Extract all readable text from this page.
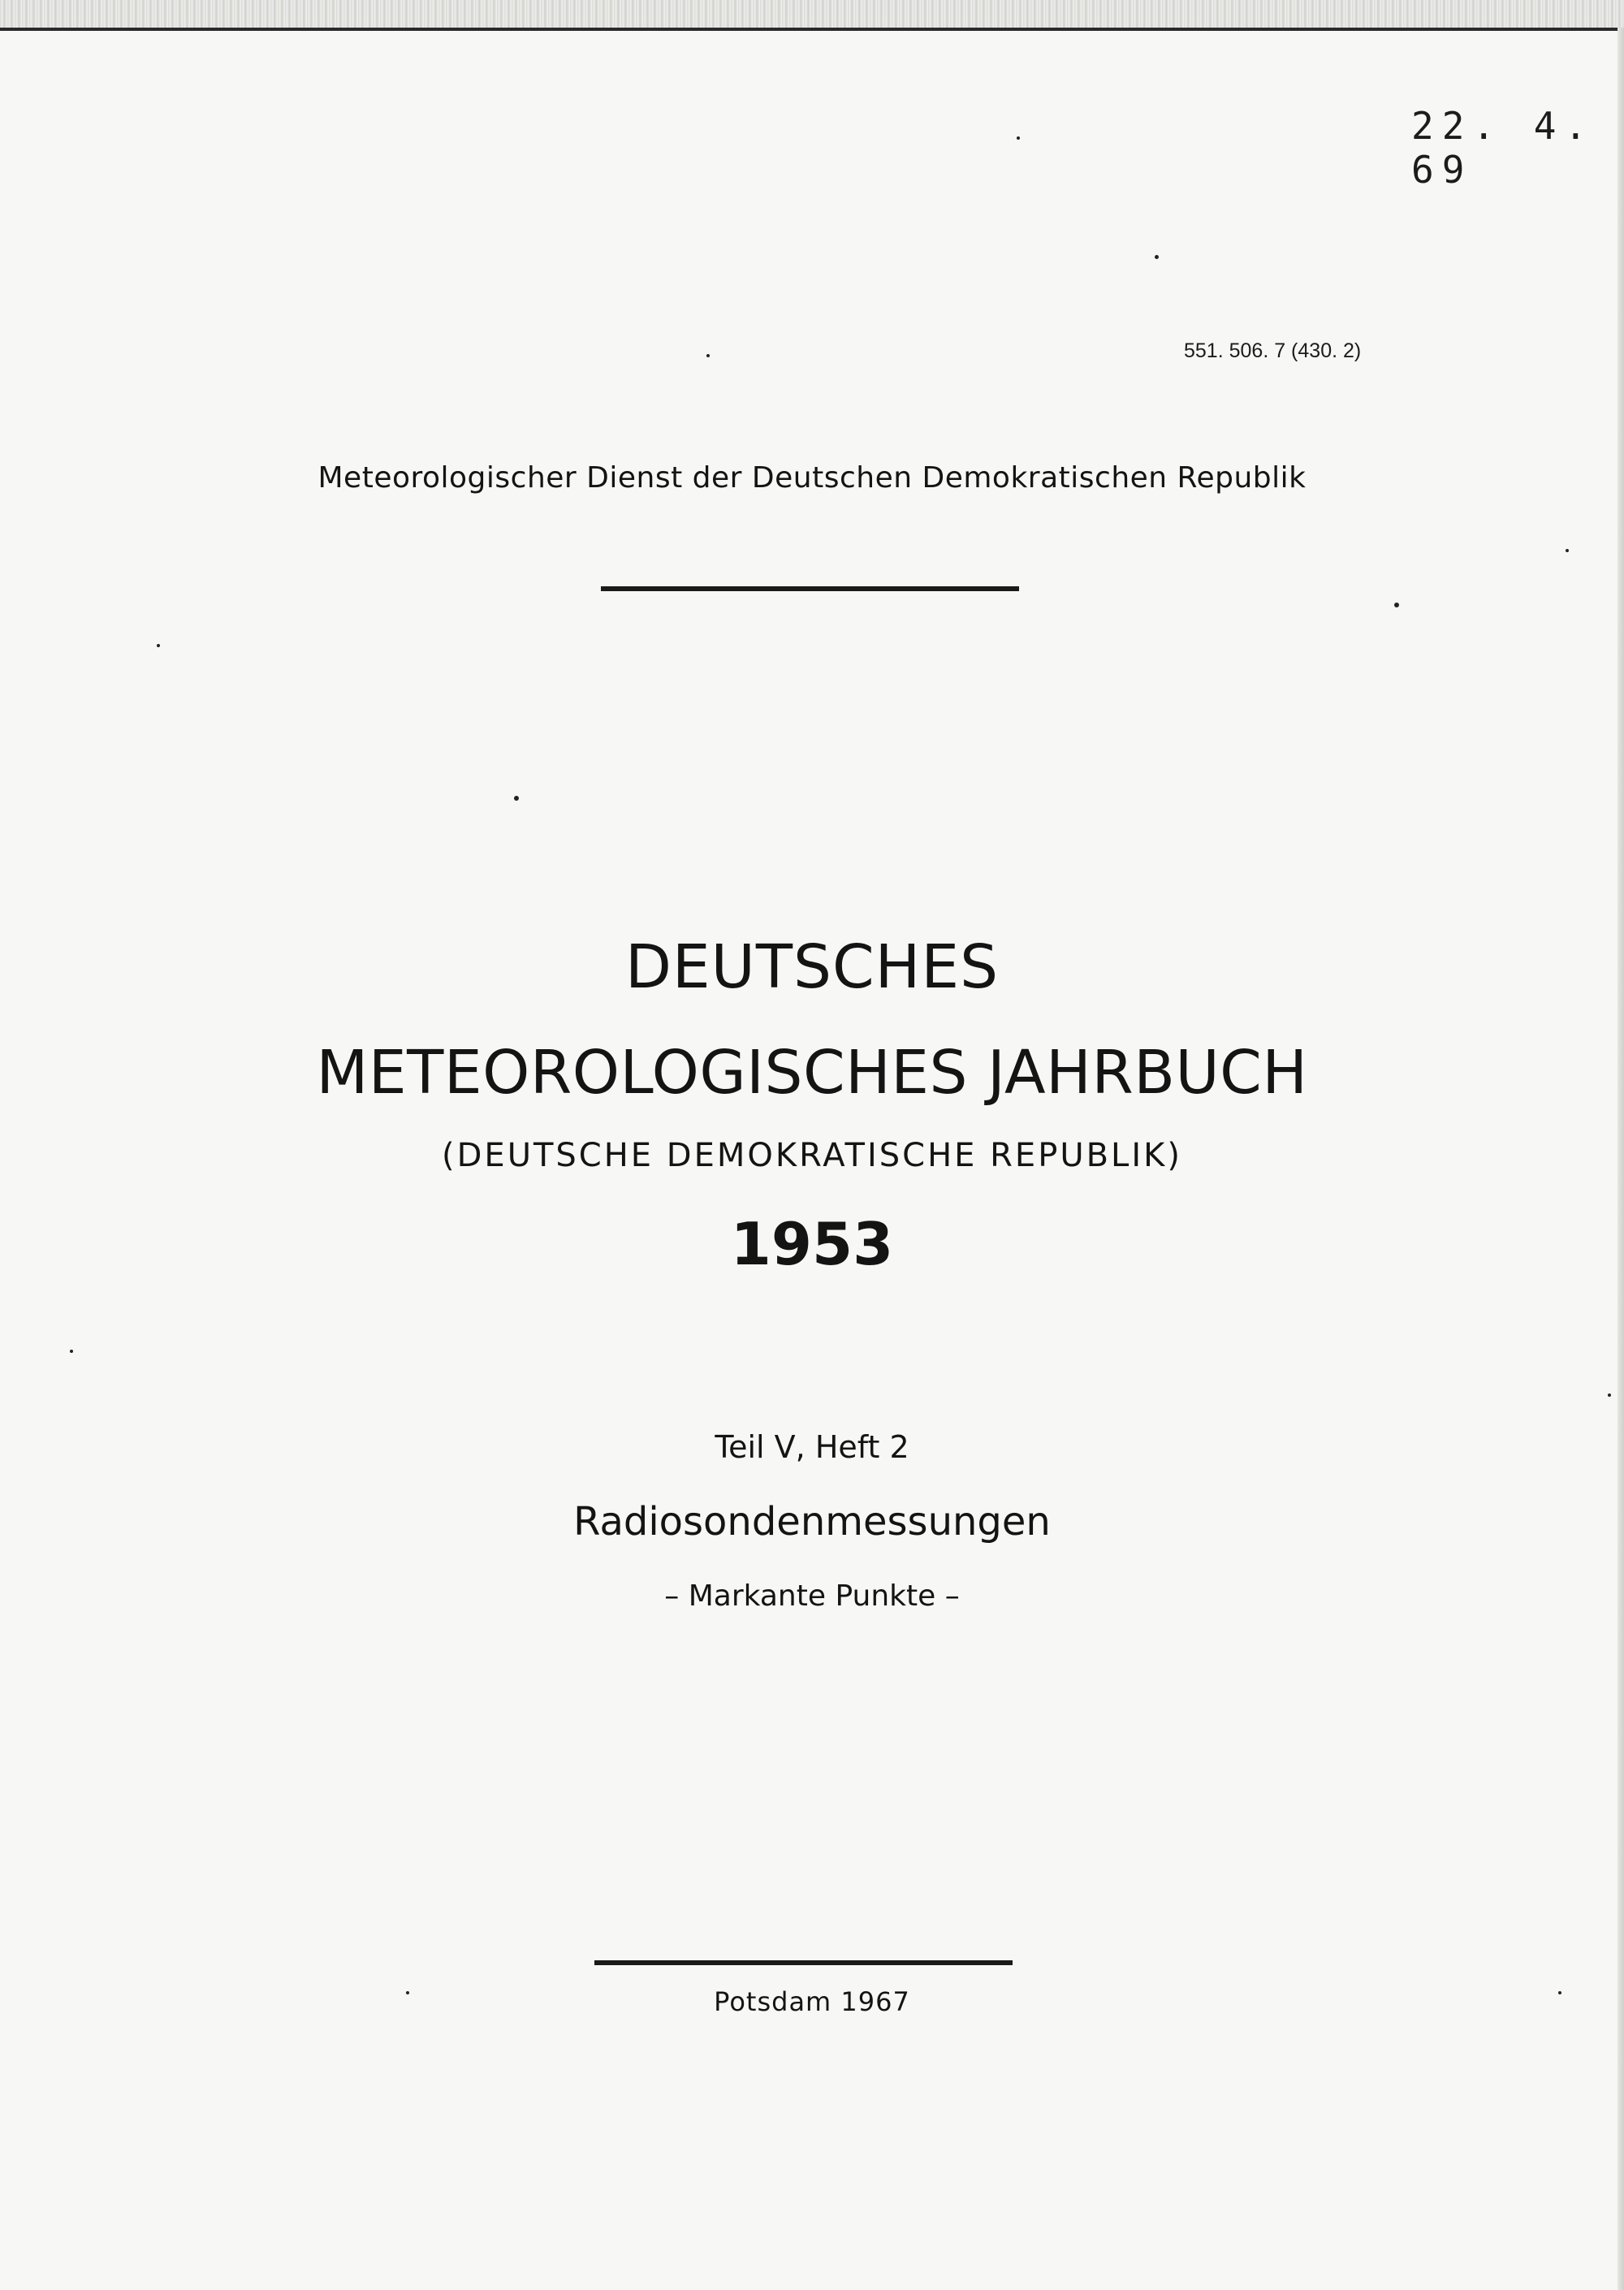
22. 4. 69
551. 506. 7 (430. 2)
Meteorologischer Dienst der Deutschen Demokratischen Republik
DEUTSCHES
METEOROLOGISCHES JAHRBUCH
(DEUTSCHE DEMOKRATISCHE REPUBLIK)
1953
Teil V, Heft 2
Radiosondenmessungen
– Markante Punkte –
Potsdam 1967
